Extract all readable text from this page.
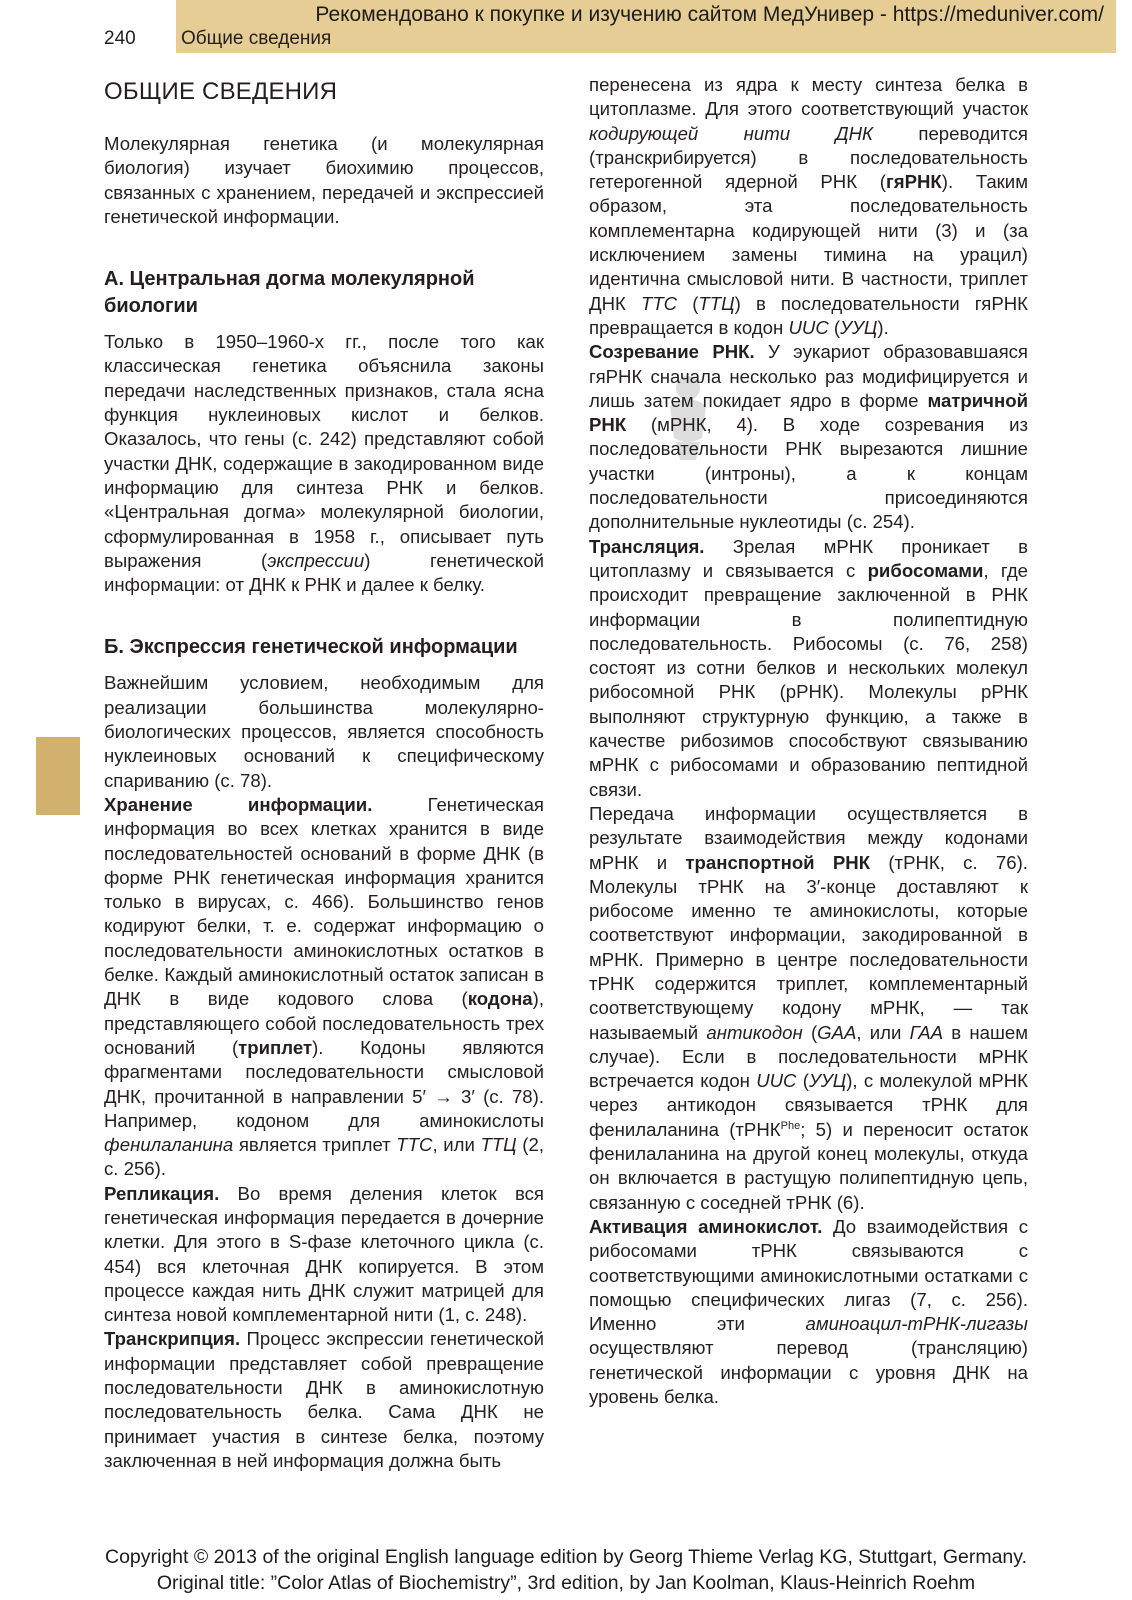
Рекомендовано к покупке и изучению сайтом МедУнивер - https://meduniver.com/
240 Общие сведения
ОБЩИЕ СВЕДЕНИЯ

Молекулярная генетика (и молекулярная биология) изучает биохимию процессов, связанных с хранением, передачей и экспрессией генетической информации.

А. Центральная догма молекулярной биологии

Только в 1950–1960-х гг., после того как классическая генетика объяснила законы передачи наследственных признаков, стала ясна функция нуклеиновых кислот и белков. Оказалось, что гены (с. 242) представляют собой участки ДНК, содержащие в закодированном виде информацию для синтеза РНК и белков. «Центральная догма» молекулярной биологии, сформулированная в 1958 г., описывает путь выражения (экспрессии) генетической информации: от ДНК к РНК и далее к белку.

Б. Экспрессия генетической информации

Важнейшим условием, необходимым для реализации большинства молекулярно-биологических процессов, является способность нуклеиновых оснований к специфическому спариванию (с. 78).

Хранение информации. Генетическая информация во всех клетках хранится в виде последовательностей оснований в форме ДНК (в форме РНК генетическая информация хранится только в вирусах, с. 466). Большинство генов кодируют белки, т. е. содержат информацию о последовательности аминокислотных остатков в белке. Каждый аминокислотный остаток записан в ДНК в виде кодового слова (кодона), представляющего собой последовательность трех оснований (триплет). Кодоны являются фрагментами последовательности смысловой ДНК, прочитанной в направлении 5′ → 3′ (с. 78). Например, кодоном для аминокислоты фенилаланина является триплет TTC, или ТТЦ (2, с. 256).

Репликация. Во время деления клеток вся генетическая информация передается в дочерние клетки. Для этого в S-фазе клеточного цикла (с. 454) вся клеточная ДНК копируется. В этом процессе каждая нить ДНК служит матрицей для синтеза новой комплементарной нити (1, с. 248).

Транскрипция. Процесс экспрессии генетической информации представляет собой превращение последовательности ДНК в аминокислотную последовательность белка. Сама ДНК не принимает участия в синтезе белка, поэтому заключенная в ней информация должна быть

перенесена из ядра к месту синтеза белка в цитоплазме. Для этого соответствующий участок кодирующей нити ДНК переводится (транскрибируется) в последовательность гетерогенной ядерной РНК (гяРНК). Таким образом, эта последовательность комплементарна кодирующей нити (3) и (за исключением замены тимина на урацил) идентична смысловой нити. В частности, триплет ДНК TTC (ТТЦ) в последовательности гяРНК превращается в кодон UUC (УУЦ).

Созревание РНК. У эукариот образовавшаяся гяРНК сначала несколько раз модифицируется и лишь затем покидает ядро в форме матричной РНК (мРНК, 4). В ходе созревания из последовательности РНК вырезаются лишние участки (интроны), а к концам последовательности присоединяются дополнительные нуклеотиды (с. 254).

Трансляция. Зрелая мРНК проникает в цитоплазму и связывается с рибосомами, где происходит превращение заключенной в РНК информации в полипептидную последовательность. Рибосомы (с. 76, 258) состоят из сотни белков и нескольких молекул рибосомной РНК (рРНК). Молекулы рРНК выполняют структурную функцию, а также в качестве рибозимов способствуют связыванию мРНК с рибосомами и образованию пептидной связи.

Передача информации осуществляется в результате взаимодействия между кодонами мРНК и транспортной РНК (тРНК, с. 76). Молекулы тРНК на 3′-конце доставляют к рибосоме именно те аминокислоты, которые соответствуют информации, закодированной в мРНК. Примерно в центре последовательности тРНК содержится триплет, комплементарный соответствующему кодону мРНК, — так называемый антикодон (GAA, или ГАА в нашем случае). Если в последовательности мРНК встречается кодон UUC (УУЦ), с молекулой мРНК через антикодон связывается тРНК для фенилаланина (тРНК$^{Phe}$; 5) и переносит остаток фенилаланина на другой конец молекулы, откуда он включается в растущую полипептидную цепь, связанную с соседней тРНК (6).

Активация аминокислот. До взаимодействия с рибосомами тРНК связываются с соответствующими аминокислотными остатками с помощью специфических лигаз (7, с. 256). Именно эти аминоацил-тРНК-лигазы осуществляют перевод (трансляцию) генетической информации с уровня ДНК на уровень белка.

Copyright © 2013 of the original English language edition by Georg Thieme Verlag KG, Stuttgart, Germany.
Original title: ”Color Atlas of Biochemistry”, 3rd edition, by Jan Koolman, Klaus-Heinrich Roehm
